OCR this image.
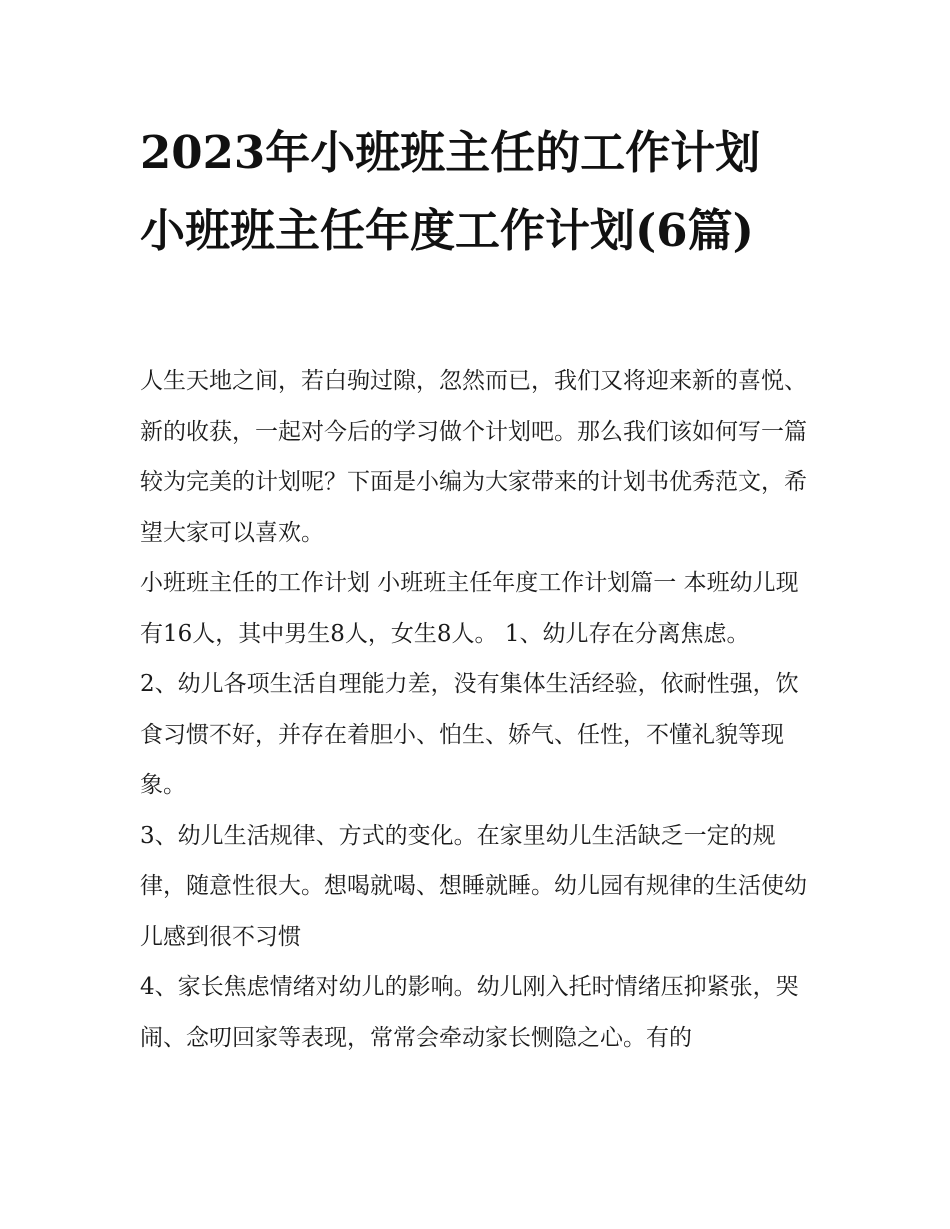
2023年小班班主任的工作计划 小班班主任年度工作计划(6篇)

人生天地之间，若白驹过隙，忽然而已，我们又将迎来新的喜悦、新的收获，一起对今后的学习做个计划吧。那么我们该如何写一篇较为完美的计划呢？下面是小编为大家带来的计划书优秀范文，希望大家可以喜欢。

小班班主任的工作计划 小班班主任年度工作计划篇一 本班幼儿现有16人，其中男生8人，女生8人。 1、幼儿存在分离焦虑。

2、幼儿各项生活自理能力差，没有集体生活经验，依耐性强，饮食习惯不好，并存在着胆小、怕生、娇气、任性，不懂礼貌等现象。

3、幼儿生活规律、方式的变化。在家里幼儿生活缺乏一定的规律，随意性很大。想喝就喝、想睡就睡。幼儿园有规律的生活使幼儿感到很不习惯

4、家长焦虑情绪对幼儿的影响。幼儿刚入托时情绪压抑紧张，哭闹、念叨回家等表现，常常会牵动家长恻隐之心。有的
